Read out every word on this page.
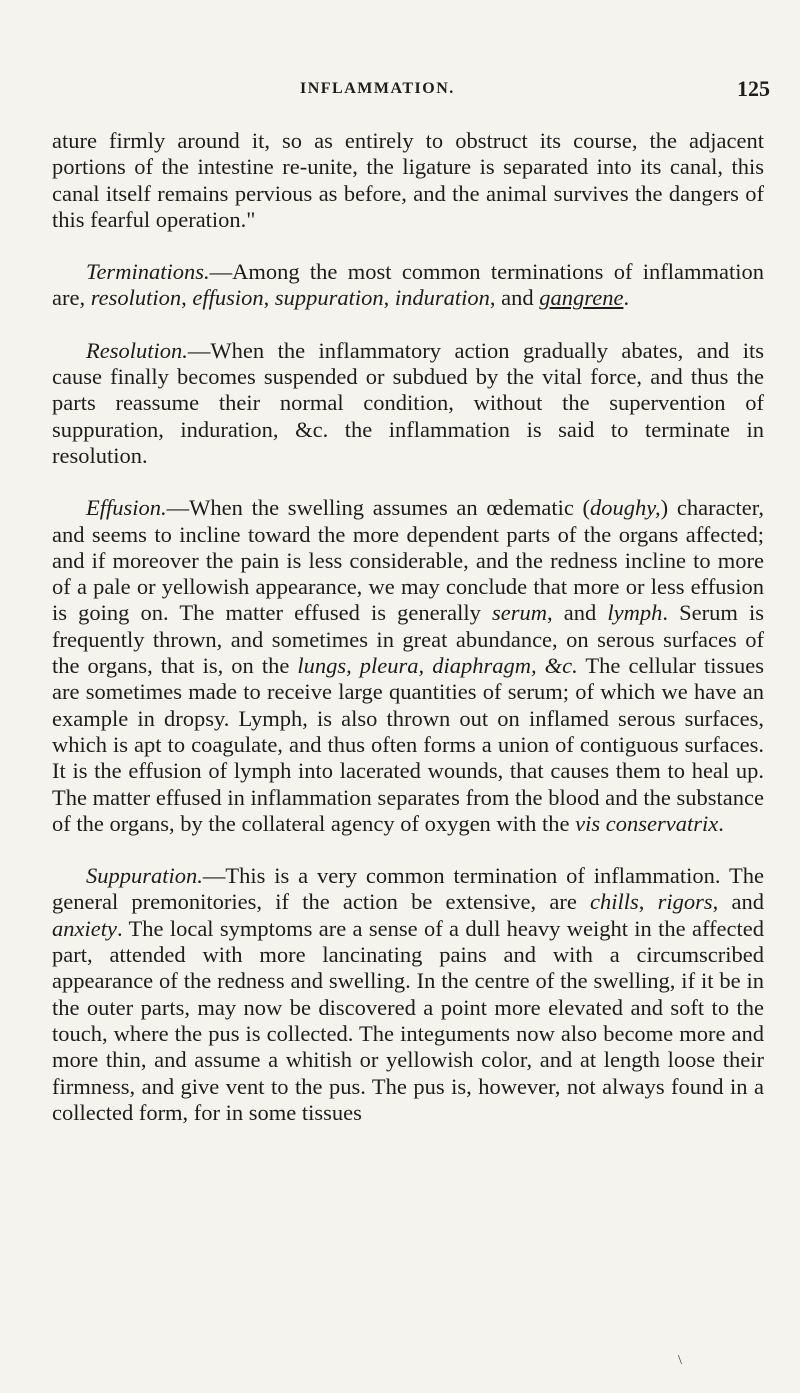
INFLAMMATION.	125

ature firmly around it, so as entirely to obstruct its course, the adjacent portions of the intestine re-unite, the ligature is separated into its canal, this canal itself remains pervious as before, and the animal survives the dangers of this fearful operation."

Terminations.—Among the most common terminations of inflammation are, resolution, effusion, suppuration, induration, and gangrene.

Resolution.—When the inflammatory action gradually abates, and its cause finally becomes suspended or subdued by the vital force, and thus the parts reassume their normal condition, without the supervention of suppuration, induration, &c. the inflammation is said to terminate in resolution.

Effusion.—When the swelling assumes an œdematic (doughy,) character, and seems to incline toward the more dependent parts of the organs affected; and if moreover the pain is less considerable, and the redness incline to more of a pale or yellowish appearance, we may conclude that more or less effusion is going on. The matter effused is generally serum, and lymph. Serum is frequently thrown, and sometimes in great abundance, on serous surfaces of the organs, that is, on the lungs, pleura, diaphragm, &c. The cellular tissues are sometimes made to receive large quantities of serum; of which we have an example in dropsy. Lymph, is also thrown out on inflamed serous surfaces, which is apt to coagulate, and thus often forms a union of contiguous surfaces. It is the effusion of lymph into lacerated wounds, that causes them to heal up. The matter effused in inflammation separates from the blood and the substance of the organs, by the collateral agency of oxygen with the vis conservatrix.

Suppuration.—This is a very common termination of inflammation. The general premonitories, if the action be extensive, are chills, rigors, and anxiety. The local symptoms are a sense of a dull heavy weight in the affected part, attended with more lancinating pains and with a circumscribed appearance of the redness and swelling. In the centre of the swelling, if it be in the outer parts, may now be discovered a point more elevated and soft to the touch, where the pus is collected. The integuments now also become more and more thin, and assume a whitish or yellowish color, and at length loose their firmness, and give vent to the pus. The pus is, however, not always found in a collected form, for in some tissues

\
